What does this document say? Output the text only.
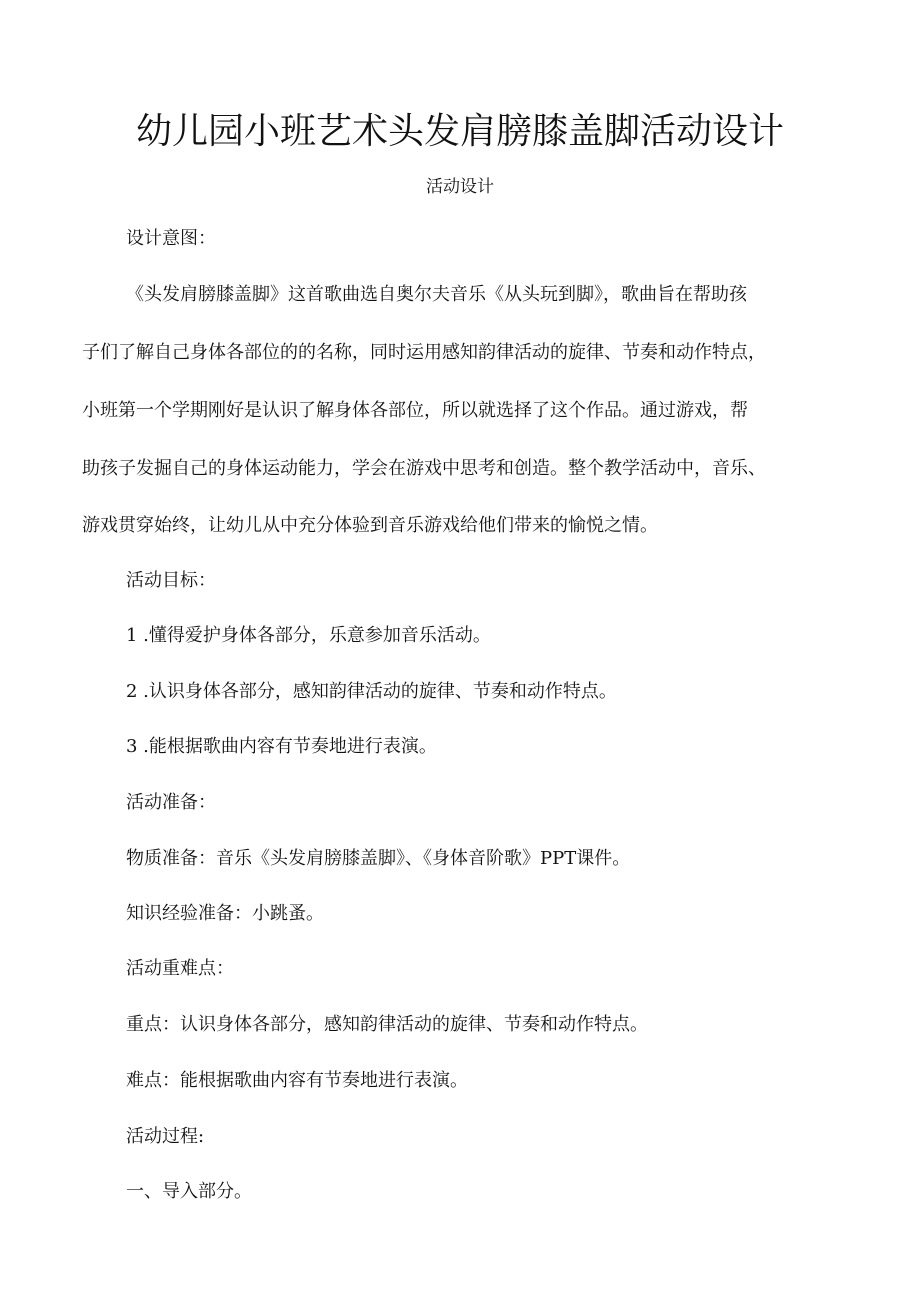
幼儿园小班艺术头发肩膀膝盖脚活动设计

活动设计

设计意图：

《头发肩膀膝盖脚》这首歌曲选自奥尔夫音乐《从头玩到脚》，歌曲旨在帮助孩

子们了解自己身体各部位的的名称，同时运用感知韵律活动的旋律、节奏和动作特点，

小班第一个学期刚好是认识了解身体各部位，所以就选择了这个作品。通过游戏，帮

助孩子发掘自己的身体运动能力，学会在游戏中思考和创造。整个教学活动中，音乐、

游戏贯穿始终，让幼儿从中充分体验到音乐游戏给他们带来的愉悦之情。

活动目标：

1 .懂得爱护身体各部分，乐意参加音乐活动。

2 .认识身体各部分，感知韵律活动的旋律、节奏和动作特点。

3 .能根据歌曲内容有节奏地进行表演。

活动准备：

物质准备：音乐《头发肩膀膝盖脚》、《身体音阶歌》PPT课件。

知识经验准备：小跳蚤。

活动重难点：

重点：认识身体各部分，感知韵律活动的旋律、节奏和动作特点。

难点：能根据歌曲内容有节奏地进行表演。

活动过程:

一、导入部分。
